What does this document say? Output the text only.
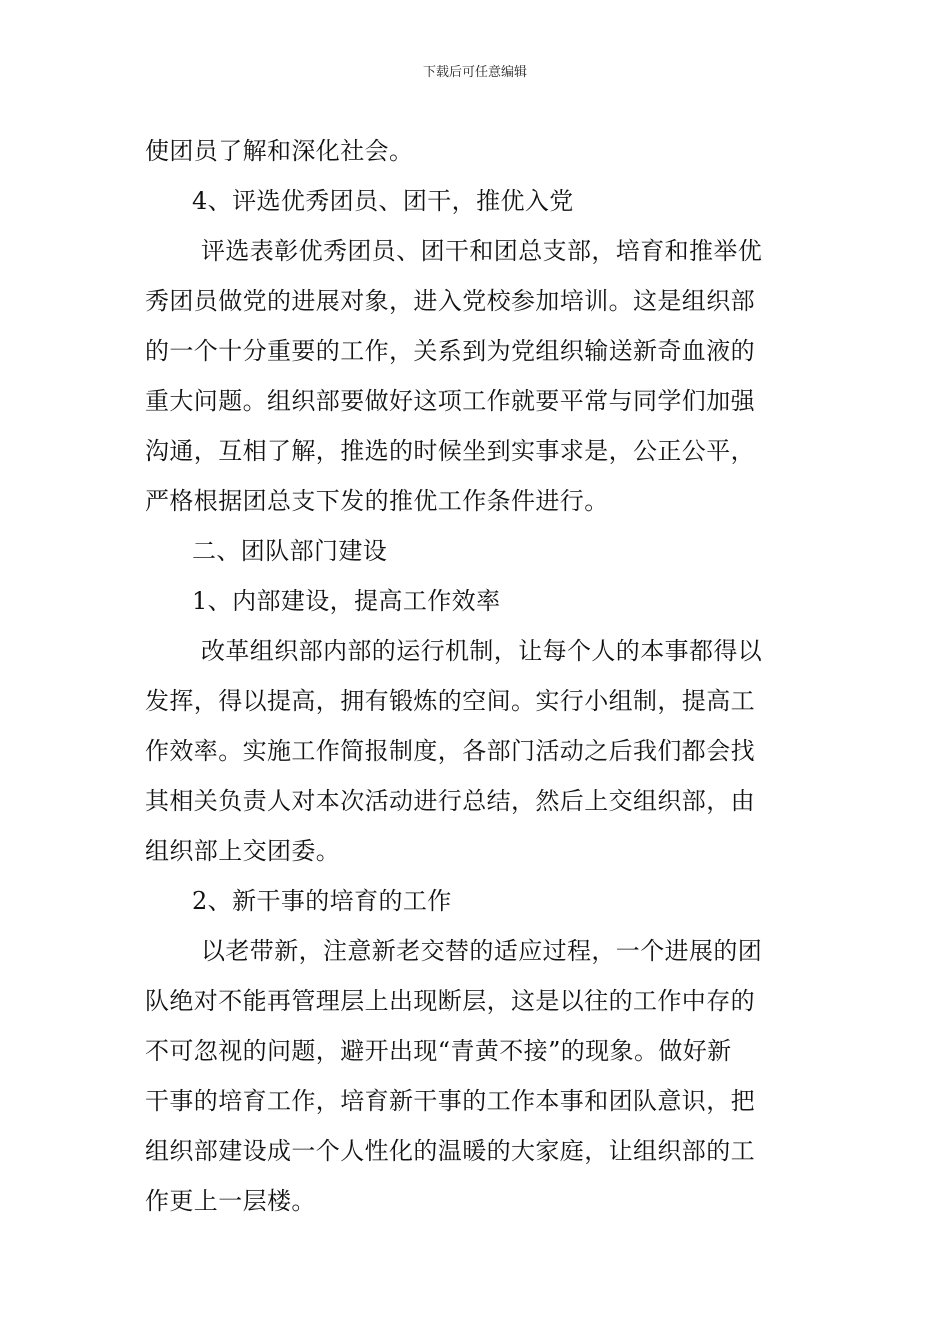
下载后可任意编辑
使团员了解和深化社会。
4、评选优秀团员、团干，推优入党
评选表彰优秀团员、团干和团总支部，培育和推举优
秀团员做党的进展对象，进入党校参加培训。这是组织部
的一个十分重要的工作，关系到为党组织输送新奇血液的
重大问题。组织部要做好这项工作就要平常与同学们加强
沟通，互相了解，推选的时候坐到实事求是，公正公平，
严格根据团总支下发的推优工作条件进行。
二、团队部门建设
1、内部建设，提高工作效率
改革组织部内部的运行机制，让每个人的本事都得以
发挥，得以提高，拥有锻炼的空间。实行小组制，提高工
作效率。实施工作简报制度，各部门活动之后我们都会找
其相关负责人对本次活动进行总结，然后上交组织部，由
组织部上交团委。
2、新干事的培育的工作
以老带新，注意新老交替的适应过程，一个进展的团
队绝对不能再管理层上出现断层，这是以往的工作中存的
不可忽视的问题，避开出现“青黄不接”的现象。做好新
干事的培育工作，培育新干事的工作本事和团队意识，把
组织部建设成一个人性化的温暖的大家庭，让组织部的工
作更上一层楼。
